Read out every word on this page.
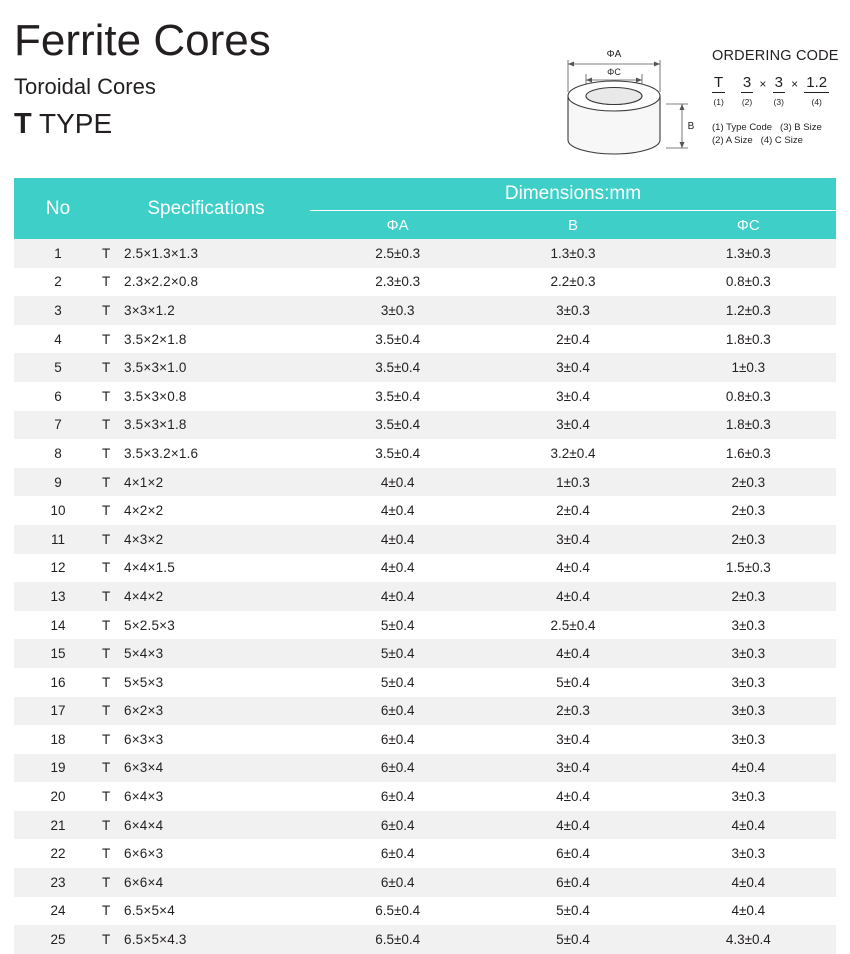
Ferrite Cores
Toroidal Cores
T TYPE
ΦA
ΦC
B
ORDERING CODE
T
(1)

3
(2)
× 3
(3)
× 1.2
(4)
(1) Type Code (3) B Size
(2) A Size (4) C Size
No	Specifications	Dimensions:mm		
		ΦA	B	ΦC
1	T 2.5×1.3×1.3	2.5±0.3	1.3±0.3	1.3±0.3
2	T 2.3×2.2×0.8	2.3±0.3	2.2±0.3	0.8±0.3
3	T 3×3×1.2	3±0.3	3±0.3	1.2±0.3
4	T 3.5×2×1.8	3.5±0.4	2±0.4	1.8±0.3
5	T 3.5×3×1.0	3.5±0.4	3±0.4	1±0.3
6	T 3.5×3×0.8	3.5±0.4	3±0.4	0.8±0.3
7	T 3.5×3×1.8	3.5±0.4	3±0.4	1.8±0.3
8	T 3.5×3.2×1.6	3.5±0.4	3.2±0.4	1.6±0.3
9	T 4×1×2	4±0.4	1±0.3	2±0.3
10	T 4×2×2	4±0.4	2±0.4	2±0.3
11	T 4×3×2	4±0.4	3±0.4	2±0.3
12	T 4×4×1.5	4±0.4	4±0.4	1.5±0.3
13	T 4×4×2	4±0.4	4±0.4	2±0.3
14	T 5×2.5×3	5±0.4	2.5±0.4	3±0.3
15	T 5×4×3	5±0.4	4±0.4	3±0.3
16	T 5×5×3	5±0.4	5±0.4	3±0.3
17	T 6×2×3	6±0.4	2±0.3	3±0.3
18	T 6×3×3	6±0.4	3±0.4	3±0.3
19	T 6×3×4	6±0.4	3±0.4	4±0.4
20	T 6×4×3	6±0.4	4±0.4	3±0.3
21	T 6×4×4	6±0.4	4±0.4	4±0.4
22	T 6×6×3	6±0.4	6±0.4	3±0.3
23	T 6×6×4	6±0.4	6±0.4	4±0.4
24	T 6.5×5×4	6.5±0.4	5±0.4	4±0.4
25	T 6.5×5×4.3	6.5±0.4	5±0.4	4.3±0.4
